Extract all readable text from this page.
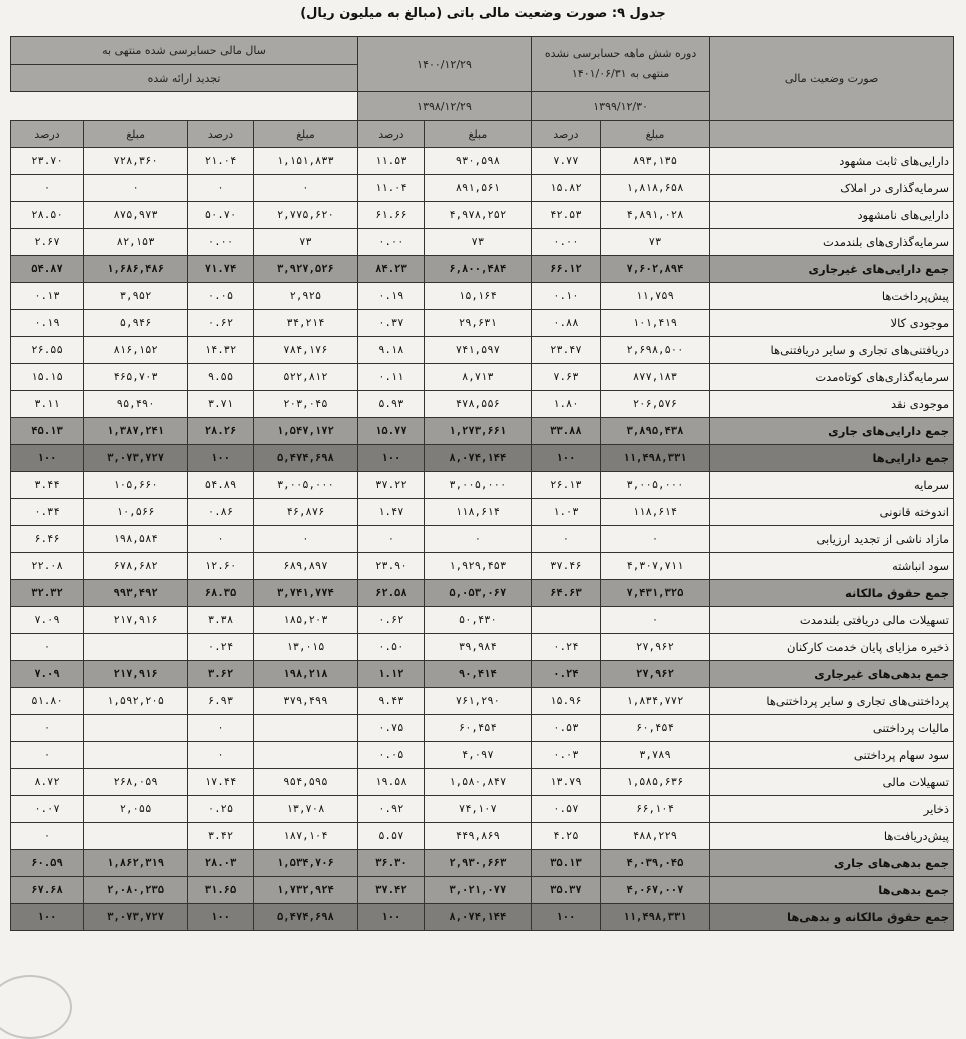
جدول ۹: صورت وضعیت مالی باتی (مبالغ به میلیون ریال)
صورت وضعیت مالی	دوره شش ماهه حسابرسی نشده منتهی به ۱۴۰۱/۰۶/۳۱		۱۴۰۰/۱۲/۲۹		سال مالی حسابرسی شده منتهی به			
					تجدید ارائه شده			
	۱۳۹۹/۱۲/۳۰		۱۳۹۸/۱۲/۲۹					
	مبلغ	درصد	مبلغ	درصد	مبلغ	درصد	مبلغ	درصد
دارایی‌های ثابت مشهود	۸۹۳,۱۳۵	۷.۷۷	۹۳۰,۵۹۸	۱۱.۵۳	۱,۱۵۱,۸۳۳	۲۱.۰۴	۷۲۸,۳۶۰	۲۳.۷۰
سرمایه‌گذاری در املاک	۱,۸۱۸,۶۵۸	۱۵.۸۲	۸۹۱,۵۶۱	۱۱.۰۴	۰	۰	۰	۰
دارایی‌های نامشهود	۴,۸۹۱,۰۲۸	۴۲.۵۳	۴,۹۷۸,۲۵۲	۶۱.۶۶	۲,۷۷۵,۶۲۰	۵۰.۷۰	۸۷۵,۹۷۳	۲۸.۵۰
سرمایه‌گذاری‌های بلندمدت	۷۳	۰.۰۰	۷۳	۰.۰۰	۷۳	۰.۰۰	۸۲,۱۵۳	۲.۶۷
جمع دارایی‌های غیرجاری	۷,۶۰۲,۸۹۴	۶۶.۱۲	۶,۸۰۰,۴۸۴	۸۴.۲۳	۳,۹۲۷,۵۲۶	۷۱.۷۴	۱,۶۸۶,۴۸۶	۵۴.۸۷
پیش‌پرداخت‌ها	۱۱,۷۵۹	۰.۱۰	۱۵,۱۶۴	۰.۱۹	۲,۹۲۵	۰.۰۵	۳,۹۵۲	۰.۱۳
موجودی کالا	۱۰۱,۴۱۹	۰.۸۸	۲۹,۶۳۱	۰.۳۷	۳۴,۲۱۴	۰.۶۲	۵,۹۴۶	۰.۱۹
دریافتنی‌های تجاری و سایر دریافتنی‌ها	۲,۶۹۸,۵۰۰	۲۳.۴۷	۷۴۱,۵۹۷	۹.۱۸	۷۸۴,۱۷۶	۱۴.۳۲	۸۱۶,۱۵۲	۲۶.۵۵
سرمایه‌گذاری‌های کوتاه‌مدت	۸۷۷,۱۸۳	۷.۶۳	۸,۷۱۳	۰.۱۱	۵۲۲,۸۱۲	۹.۵۵	۴۶۵,۷۰۳	۱۵.۱۵
موجودی نقد	۲۰۶,۵۷۶	۱.۸۰	۴۷۸,۵۵۶	۵.۹۳	۲۰۳,۰۴۵	۳.۷۱	۹۵,۴۹۰	۳.۱۱
جمع دارایی‌های جاری	۳,۸۹۵,۴۳۸	۳۳.۸۸	۱,۲۷۳,۶۶۱	۱۵.۷۷	۱,۵۴۷,۱۷۲	۲۸.۲۶	۱,۳۸۷,۲۴۱	۴۵.۱۳
جمع دارایی‌ها	۱۱,۴۹۸,۳۳۱	۱۰۰	۸,۰۷۴,۱۴۴	۱۰۰	۵,۴۷۴,۶۹۸	۱۰۰	۳,۰۷۳,۷۲۷	۱۰۰
سرمایه	۳,۰۰۵,۰۰۰	۲۶.۱۳	۳,۰۰۵,۰۰۰	۳۷.۲۲	۳,۰۰۵,۰۰۰	۵۴.۸۹	۱۰۵,۶۶۰	۳.۴۴
اندوخته قانونی	۱۱۸,۶۱۴	۱.۰۳	۱۱۸,۶۱۴	۱.۴۷	۴۶,۸۷۶	۰.۸۶	۱۰,۵۶۶	۰.۳۴
مازاد ناشی از تجدید ارزیابی	۰	۰	۰	۰	۰	۰	۱۹۸,۵۸۴	۶.۴۶
سود انباشته	۴,۳۰۷,۷۱۱	۳۷.۴۶	۱,۹۲۹,۴۵۳	۲۳.۹۰	۶۸۹,۸۹۷	۱۲.۶۰	۶۷۸,۶۸۲	۲۲.۰۸
جمع حقوق مالکانه	۷,۴۳۱,۳۲۵	۶۴.۶۳	۵,۰۵۳,۰۶۷	۶۲.۵۸	۳,۷۴۱,۷۷۴	۶۸.۳۵	۹۹۳,۴۹۲	۳۲.۳۲
تسهیلات مالی دریافتی بلندمدت	۰		۵۰,۴۳۰	۰.۶۲	۱۸۵,۲۰۳	۳.۳۸	۲۱۷,۹۱۶	۷.۰۹
ذخیره مزایای پایان خدمت کارکنان	۲۷,۹۶۲	۰.۲۴	۳۹,۹۸۴	۰.۵۰	۱۳,۰۱۵	۰.۲۴		۰
جمع بدهی‌های غیرجاری	۲۷,۹۶۲	۰.۲۴	۹۰,۴۱۴	۱.۱۲	۱۹۸,۲۱۸	۳.۶۲	۲۱۷,۹۱۶	۷.۰۹
پرداختنی‌های تجاری و سایر پرداختنی‌ها	۱,۸۳۴,۷۷۲	۱۵.۹۶	۷۶۱,۲۹۰	۹.۴۳	۳۷۹,۴۹۹	۶.۹۳	۱,۵۹۲,۲۰۵	۵۱.۸۰
مالیات پرداختنی	۶۰,۴۵۴	۰.۵۳	۶۰,۴۵۴	۰.۷۵		۰		۰
سود سهام پرداختنی	۳,۷۸۹	۰.۰۳	۴,۰۹۷	۰.۰۵		۰		۰
تسهیلات مالی	۱,۵۸۵,۶۳۶	۱۳.۷۹	۱,۵۸۰,۸۴۷	۱۹.۵۸	۹۵۴,۵۹۵	۱۷.۴۴	۲۶۸,۰۵۹	۸.۷۲
ذخایر	۶۶,۱۰۴	۰.۵۷	۷۴,۱۰۷	۰.۹۲	۱۳,۷۰۸	۰.۲۵	۲,۰۵۵	۰.۰۷
پیش‌دریافت‌ها	۴۸۸,۲۲۹	۴.۲۵	۴۴۹,۸۶۹	۵.۵۷	۱۸۷,۱۰۴	۳.۴۲		۰
جمع بدهی‌های جاری	۴,۰۳۹,۰۴۵	۳۵.۱۳	۲,۹۳۰,۶۶۳	۳۶.۳۰	۱,۵۳۴,۷۰۶	۲۸.۰۳	۱,۸۶۲,۳۱۹	۶۰.۵۹
جمع بدهی‌ها	۴,۰۶۷,۰۰۷	۳۵.۳۷	۳,۰۲۱,۰۷۷	۳۷.۴۲	۱,۷۳۲,۹۲۴	۳۱.۶۵	۲,۰۸۰,۲۳۵	۶۷.۶۸
جمع حقوق مالکانه و بدهی‌ها	۱۱,۴۹۸,۳۳۱	۱۰۰	۸,۰۷۴,۱۴۴	۱۰۰	۵,۴۷۴,۶۹۸	۱۰۰	۳,۰۷۳,۷۲۷	۱۰۰
